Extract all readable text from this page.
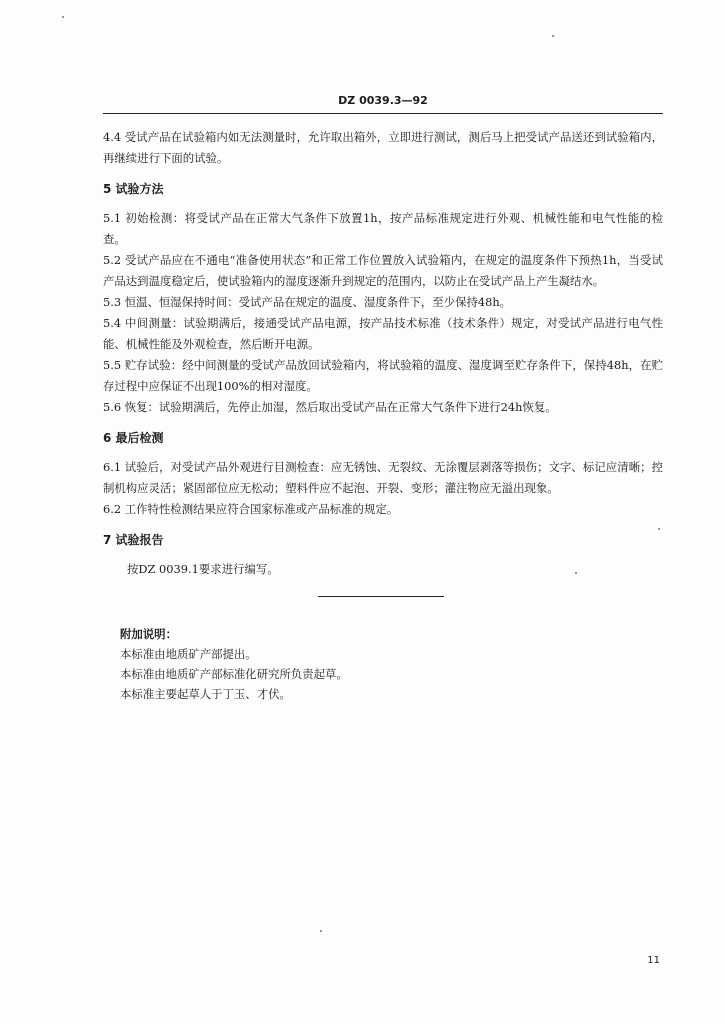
DZ 0039.3—92

4.4 受试产品在试验箱内如无法测量时，允许取出箱外，立即进行测试，测后马上把受试产品送还到试验箱内，再继续进行下面的试验。

5 试验方法

5.1 初始检测：将受试产品在正常大气条件下放置1h，按产品标准规定进行外观、机械性能和电气性能的检查。

5.2 受试产品应在不通电“准备使用状态”和正常工作位置放入试验箱内，在规定的温度条件下预热1h，当受试产品达到温度稳定后，使试验箱内的湿度逐渐升到规定的范围内，以防止在受试产品上产生凝结水。

5.3 恒温、恒湿保持时间：受试产品在规定的温度、湿度条件下，至少保持48h。

5.4 中间测量：试验期满后，接通受试产品电源，按产品技术标准（技术条件）规定，对受试产品进行电气性能、机械性能及外观检查，然后断开电源。

5.5 贮存试验：经中间测量的受试产品放回试验箱内，将试验箱的温度、湿度调至贮存条件下，保持48h，在贮存过程中应保证不出现100%的相对湿度。

5.6 恢复：试验期满后，先停止加湿，然后取出受试产品在正常大气条件下进行24h恢复。

6 最后检测

6.1 试验后，对受试产品外观进行目测检查：应无锈蚀、无裂纹、无涂覆层剥落等损伤；文字、标记应清晰；控制机构应灵活；紧固部位应无松动；塑料件应不起泡、开裂、变形；灌注物应无溢出现象。

6.2 工作特性检测结果应符合国家标准或产品标准的规定。

7 试验报告

按DZ 0039.1要求进行编写。

附加说明：

本标准由地质矿产部提出。

本标准由地质矿产部标准化研究所负责起草。

本标准主要起草人于丁玉、才伏。

11
